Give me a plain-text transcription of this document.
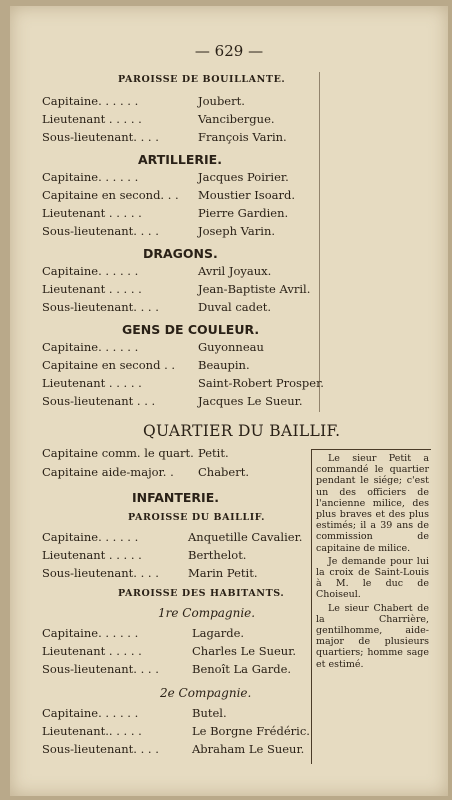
— 629 —
PAROISSE DE BOUILLANTE.
Capitaine. . . . . .	Joubert.
Lieutenant . . . . .	Vancibergue.
Sous-lieutenant. . . .	François Varin.
ARTILLERIE.
Capitaine. . . . . .	Jacques Poirier.
Capitaine en second. . . Moustier Isoard.
Lieutenant . . . . .	Pierre Gardien.
Sous-lieutenant. . . .	Joseph Varin.
DRAGONS.
Capitaine. . . . . .	Avril Joyaux.
Lieutenant . . . . .	Jean-Baptiste Avril.
Sous-lieutenant. . . .	Duval cadet.
GENS DE COULEUR.
Capitaine. . . . . .	Guyonneau
Capitaine en second . . Beaupin.
Lieutenant . . . . .	Saint-Robert Prosper.
Sous-lieutenant . . .	Jacques Le Sueur.
QUARTIER DU BAILLIF.
Capitaine comm. le quart. Petit.
Capitaine aide-major. . Chabert.
INFANTERIE.
PAROISSE DU BAILLIF.
Capitaine. . . . . .	Anquetille Cavalier.
Lieutenant . . . . .	Berthelot.
Sous-lieutenant. . . .	Marin Petit.
PAROISSE DES HABITANTS.
1re Compagnie.
Capitaine. . . . . .	Lagarde.
Lieutenant . . . . .	Charles Le Sueur.
Sous-lieutenant. . . .	Benoît La Garde.
2e Compagnie.
Capitaine. . . . . .	Butel.
Lieutenant.. . . . .	Le Borgne Frédéric.
Sous-lieutenant. . . .	Abraham Le Sueur.

Le sieur Petit a commandé le quartier pendant le siége; c'est un des officiers de l'ancienne milice, des plus braves et des plus estimés; il a 39 ans de commission de capitaine de milice.

Je demande pour lui la croix de Saint-Louis à M. le duc de Choiseul.

Le sieur Chabert de la Charrière, gentilhomme, aide-major de plusieurs quartiers; homme sage et estimé.
